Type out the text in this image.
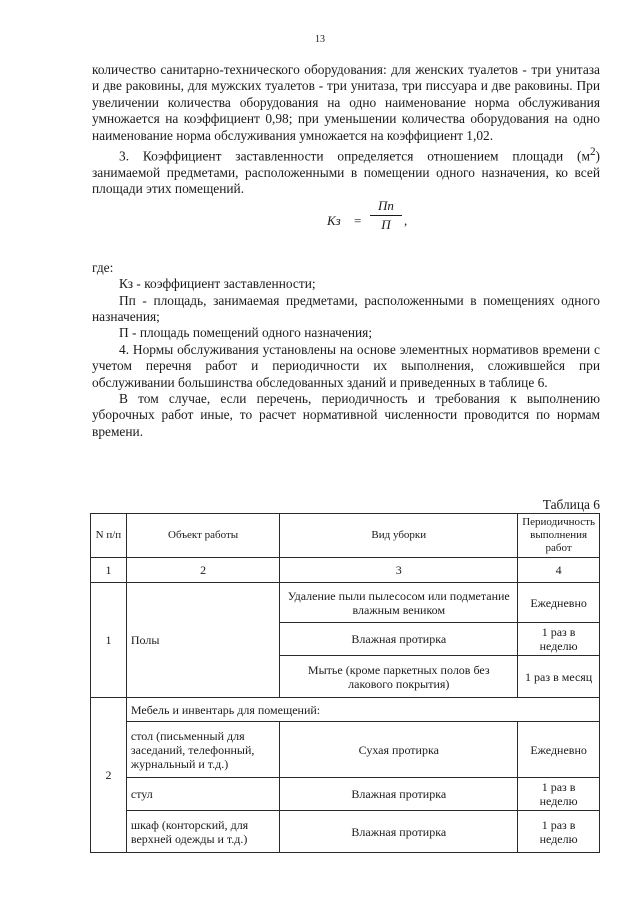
13

количество санитарно-технического оборудования: для женских туалетов - три унитаза и две раковины, для мужских туалетов - три унитаза, три писсуара и две раковины. При увеличении количества оборудования на одно наименование норма обслуживания умножается на коэффициент 0,98; при уменьшении количества оборудования на одно наименование норма обслуживания умножается на коэффициент 1,02.

3. Коэффициент заставленности определяется отношением площади $(м^2)$ занимаемой предметами, расположенными в помещении одного назначения, ко всей площади этих помещений.

Кз =
Пп
П	,

где:

Кз - коэффициент заставленности;

Пп - площадь, занимаемая предметами, расположенными в помещениях одного назначения;

П - площадь помещений одного назначения;

4. Нормы обслуживания установлены на основе элементных нормативов времени с учетом перечня работ и периодичности их выполнения, сложившейся при обслуживании большинства обследованных зданий и приведенных в таблице 6.

В том случае, если перечень, периодичность и требования к выполнению уборочных работ иные, то расчет нормативной численности проводится по нормам времени.

Таблица 6
N п/п	Объект работы	Вид уборки	Периодичность выполнения работ
1	2	3	4
1	Полы	Удаление пыли пылесосом или подметание влажным веником	Ежедневно
		Влажная протирка	1 раз в неделю
		Мытье (кроме паркетных полов без лакового покрытия)	1 раз в месяц
2	Мебель и инвентарь для помещений:		
	стол (письменный для заседаний, телефонный, журнальный и т.д.)	Сухая протирка	Ежедневно
	стул	Влажная протирка	1 раз в неделю
	шкаф (конторский, для верхней одежды и т.д.)	Влажная протирка	1 раз в неделю
